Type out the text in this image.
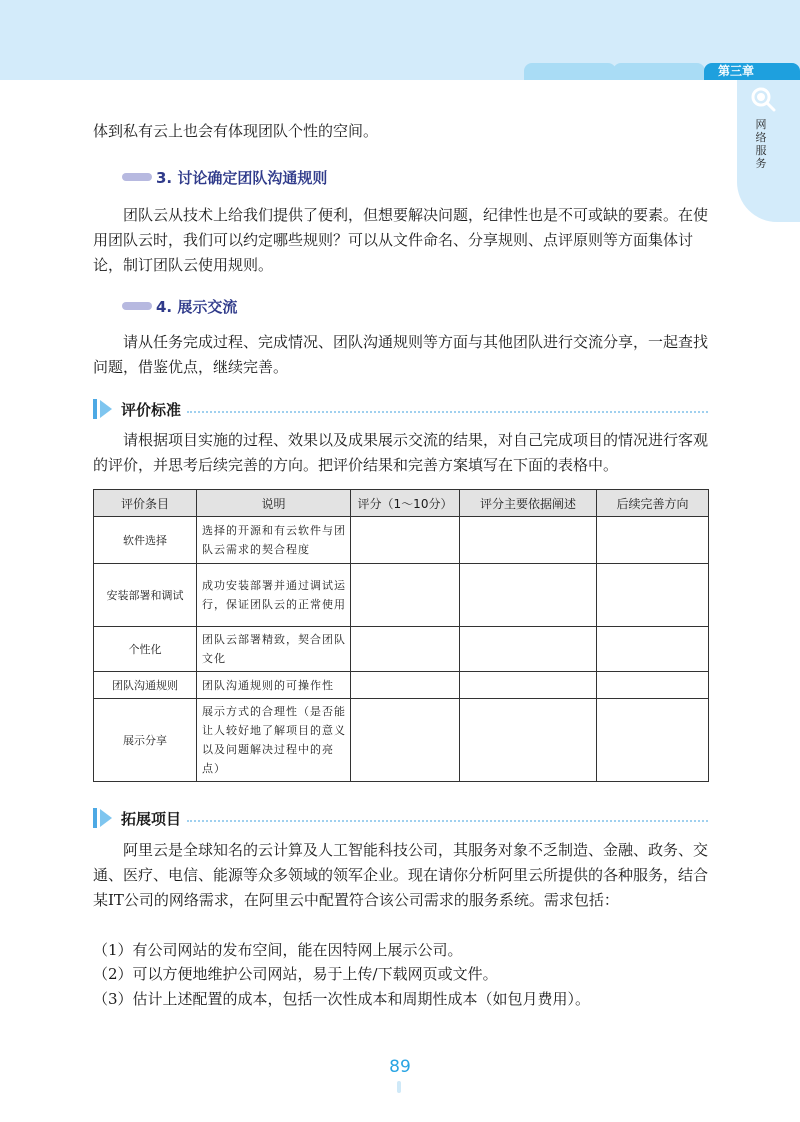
第三章
网络服务

体到私有云上也会有体现团队个性的空间。

3. 讨论确定团队沟通规则

团队云从技术上给我们提供了便利，但想要解决问题，纪律性也是不可或缺的要素。在使用团队云时，我们可以约定哪些规则？可以从文件命名、分享规则、点评原则等方面集体讨论，制订团队云使用规则。

4. 展示交流

请从任务完成过程、完成情况、团队沟通规则等方面与其他团队进行交流分享，一起查找问题，借鉴优点，继续完善。

评价标准

请根据项目实施的过程、效果以及成果展示交流的结果，对自己完成项目的情况进行客观的评价，并思考后续完善的方向。把评价结果和完善方案填写在下面的表格中。

评价条目	说明	评分（1～10分）	评分主要依据阐述	后续完善方向
软件选择	选择的开源和有云软件与团队云需求的契合程度			
安装部署和调试	成功安装部署并通过调试运行，保证团队云的正常使用			
个性化	团队云部署精致，契合团队文化			
团队沟通规则	团队沟通规则的可操作性			
展示分享	展示方式的合理性（是否能让人较好地了解项目的意义以及问题解决过程中的亮点）			
拓展项目

阿里云是全球知名的云计算及人工智能科技公司，其服务对象不乏制造、金融、政务、交通、医疗、电信、能源等众多领域的领军企业。现在请你分析阿里云所提供的各种服务，结合某IT公司的网络需求，在阿里云中配置符合该公司需求的服务系统。需求包括：

（1）有公司网站的发布空间，能在因特网上展示公司。

（2）可以方便地维护公司网站，易于上传/下载网页或文件。

（3）估计上述配置的成本，包括一次性成本和周期性成本（如包月费用）。

89
